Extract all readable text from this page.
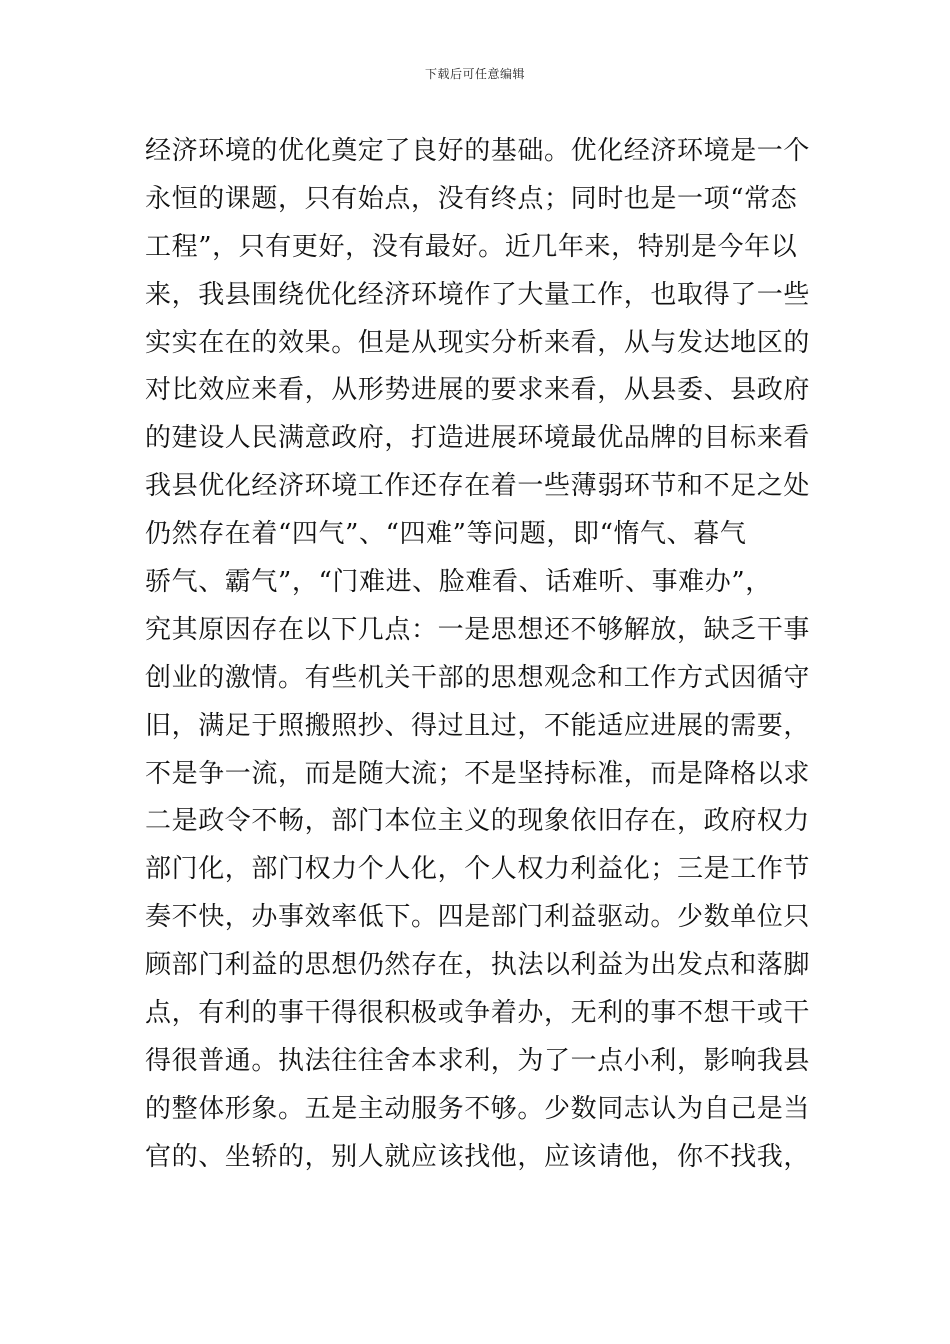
下载后可任意编辑
经济环境的优化奠定了良好的基础。优化经济环境是一个
永恒的课题，只有始点，没有终点；同时也是一项“常态
工程”，只有更好，没有最好。近几年来，特别是今年以
来，我县围绕优化经济环境作了大量工作，也取得了一些
实实在在的效果。但是从现实分析来看，从与发达地区的
对比效应来看，从形势进展的要求来看，从县委、县政府
的建设人民满意政府，打造进展环境最优品牌的目标来看
我县优化经济环境工作还存在着一些薄弱环节和不足之处
仍然存在着“四气”、“四难”等问题，即“惰气、暮气
骄气、霸气”，“门难进、脸难看、话难听、事难办”，
究其原因存在以下几点：一是思想还不够解放，缺乏干事
创业的激情。有些机关干部的思想观念和工作方式因循守
旧，满足于照搬照抄、得过且过，不能适应进展的需要，
不是争一流，而是随大流；不是坚持标准，而是降格以求
二是政令不畅，部门本位主义的现象依旧存在，政府权力
部门化，部门权力个人化，个人权力利益化；三是工作节
奏不快，办事效率低下。四是部门利益驱动。少数单位只
顾部门利益的思想仍然存在，执法以利益为出发点和落脚
点，有利的事干得很积极或争着办，无利的事不想干或干
得很普通。执法往往舍本求利，为了一点小利，影响我县
的整体形象。五是主动服务不够。少数同志认为自己是当
官的、坐轿的，别人就应该找他，应该请他，你不找我，
